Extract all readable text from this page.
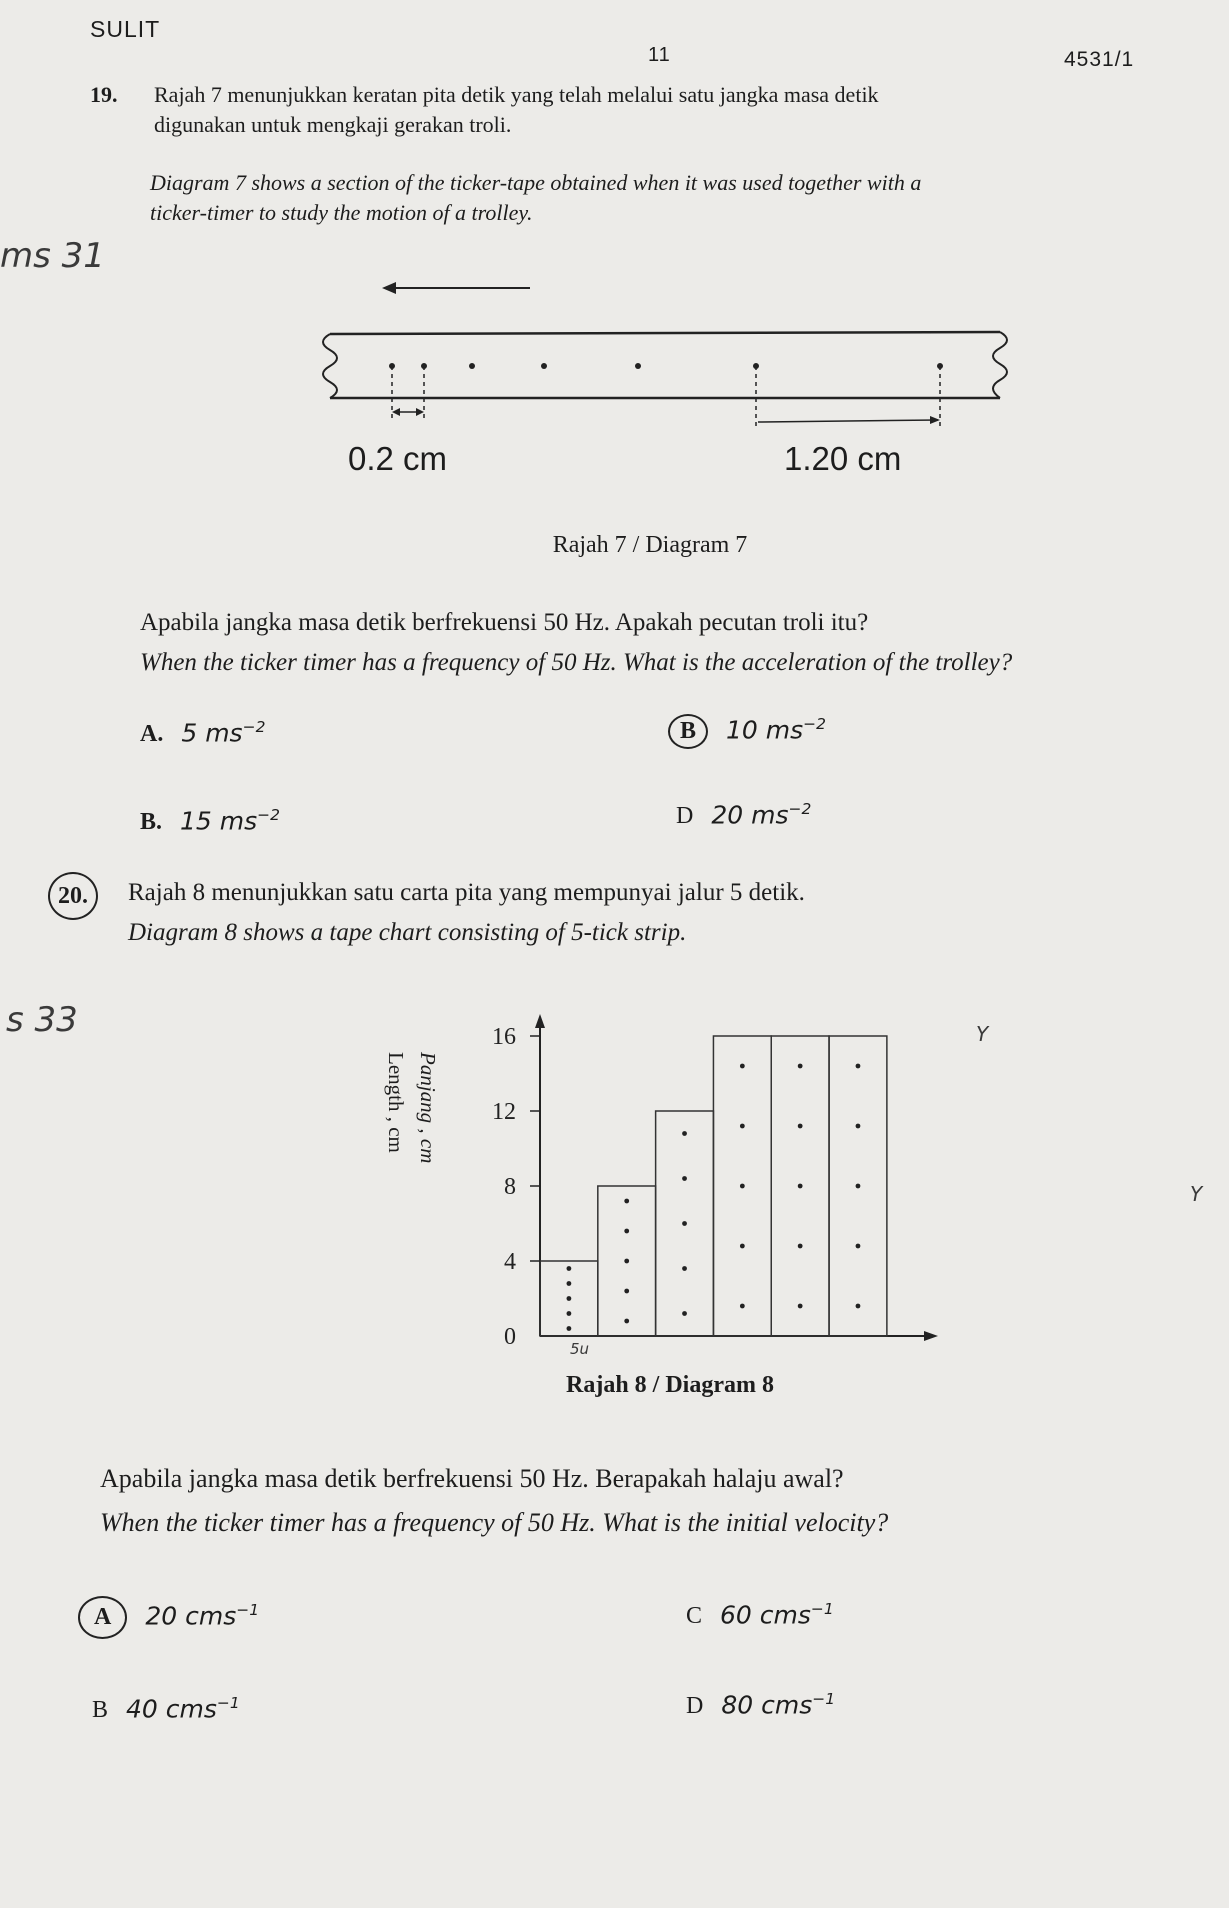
SULIT
11	4531/1
ms 31
s 33
19. Rajah 7 menunjukkan keratan pita detik yang telah melalui satu jangka masa detik
digunakan untuk mengkaji gerakan troli.
Diagram 7 shows a section of the ticker-tape obtained when it was used together with a
ticker-timer to study the motion of a trolley.
0.2 cm	1.20 cm
Rajah 7 / Diagram 7
Apabila jangka masa detik berfrekuensi 50 Hz. Apakah pecutan troli itu?
When the ticker timer has a frequency of 50 Hz. What is the acceleration of the trolley?
A. 5 $ms^{-2}$	B	10 $ms^{-2}$
B. 15 $ms^{-2}$	D 20 $ms^{-2}$
20.	Rajah 8 menunjukkan satu carta pita yang mempunyai jalur 5 detik.
Diagram 8 shows a tape chart consisting of 5-tick strip.
0
4
8
12
16
Length , cm Panjang , cm
5u
Y
Y
Rajah 8 / Diagram 8
Apabila jangka masa detik berfrekuensi 50 Hz. Berapakah halaju awal?
When the ticker timer has a frequency of 50 Hz. What is the initial velocity?
A	20 cms$^{-1}$	C 60 cms$^{-1}$
B 40 cms$^{-1}$	D 80 cms$^{-1}$
